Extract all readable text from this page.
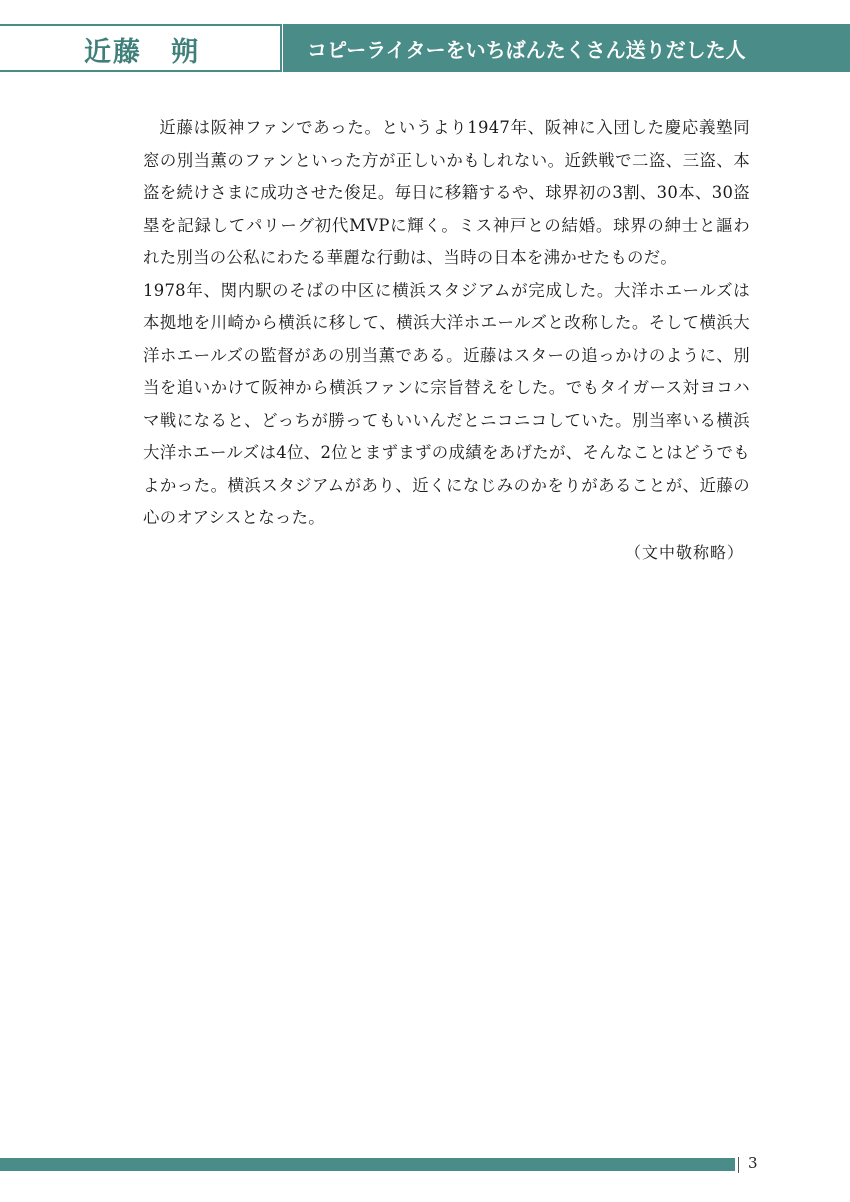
近藤　朔	コピーライターをいちばんたくさん送りだした人

近藤は阪神ファンであった。というより1947年、阪神に入団した慶応義塾同窓の別当薫のファンといった方が正しいかもしれない。近鉄戦で二盗、三盗、本盗を続けさまに成功させた俊足。毎日に移籍するや、球界初の3割、30本、30盗塁を記録してパリーグ初代MVPに輝く。ミス神戸との結婚。球界の紳士と謳われた別当の公私にわたる華麗な行動は、当時の日本を沸かせたものだ。

1978年、関内駅のそばの中区に横浜スタジアムが完成した。大洋ホエールズは本拠地を川崎から横浜に移して、横浜大洋ホエールズと改称した。そして横浜大洋ホエールズの監督があの別当薫である。近藤はスターの追っかけのように、別当を追いかけて阪神から横浜ファンに宗旨替えをした。でもタイガース対ヨコハマ戦になると、どっちが勝ってもいいんだとニコニコしていた。別当率いる横浜大洋ホエールズは4位、2位とまずまずの成績をあげたが、そんなことはどうでもよかった。横浜スタジアムがあり、近くになじみのかをりがあることが、近藤の心のオアシスとなった。

（文中敬称略）

3
